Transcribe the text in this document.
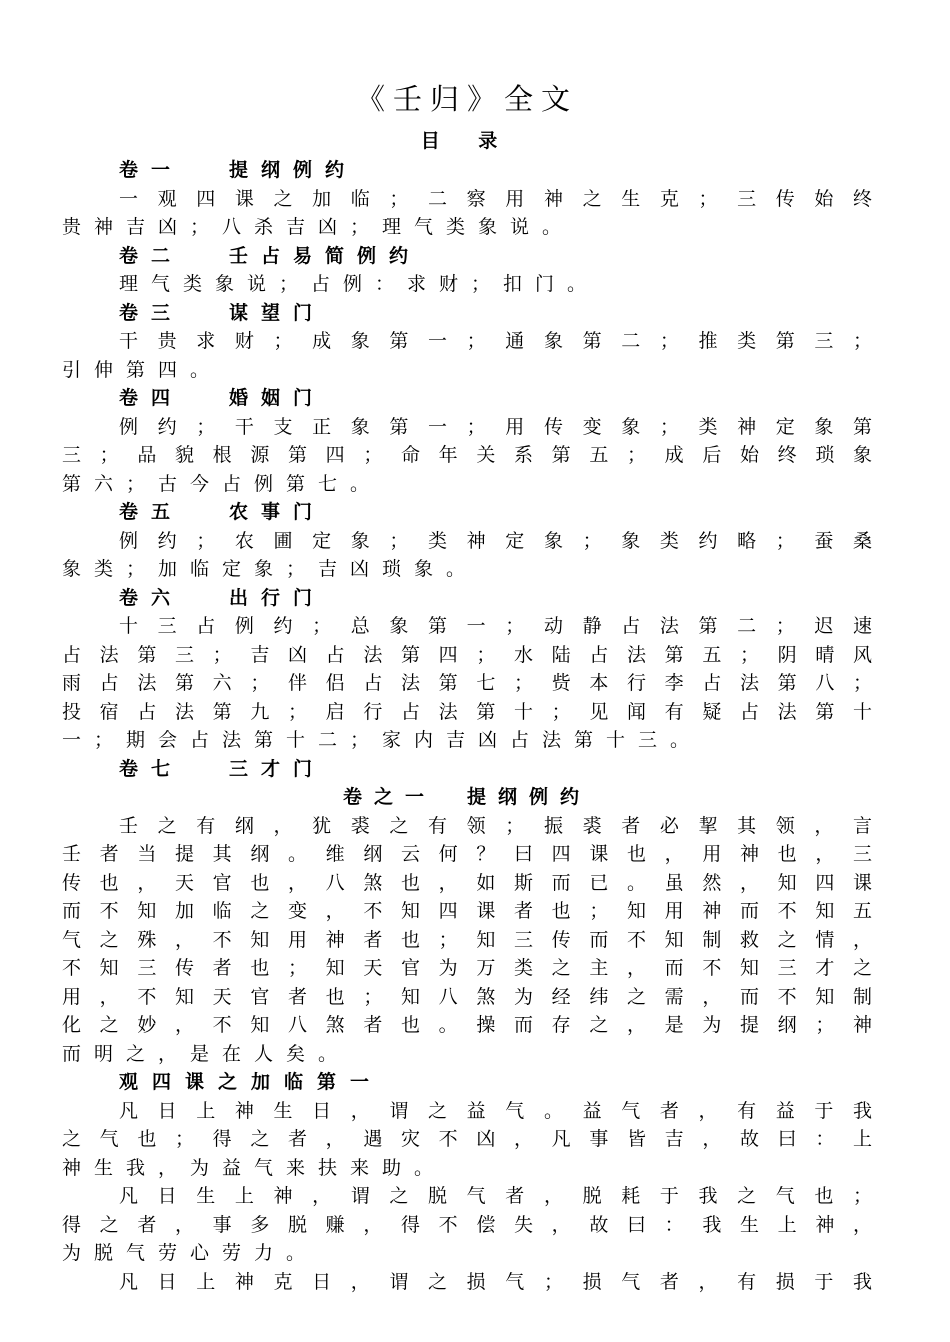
《壬归》全文
目 录
卷一 提纲例约
一观四课之加临；二察用神之生克；三传始终
贵神吉凶；八杀吉凶；理气类象说。
卷二 壬占易简例约
理气类象说；占例：求财；扣门。
卷三 谋望门
干贵求财；成象第一；通象第二；推类第三；
引伸第四。
卷四 婚姻门
例约；干支正象第一；用传变象；类神定象第
三；品貌根源第四；命年关系第五；成后始终琐象
第六；古今占例第七。
卷五 农事门
例约；农圃定象；类神定象；象类约略；蚕桑
象类；加临定象；吉凶琐象。
卷六 出行门
十三占例约；总象第一；动静占法第二；迟速
占法第三；吉凶占法第四；水陆占法第五；阴晴风
雨占法第六；伴侣占法第七；赀本行李占法第八；
投宿占法第九；启行占法第十；见闻有疑占法第十
一；期会占法第十二；家内吉凶占法第十三。
卷七 三才门
卷之一　提纲例约
壬之有纲，犹裘之有领；振裘者必挈其领，言
壬者当提其纲。维纲云何？曰四课也，用神也，三
传也，天官也，八煞也，如斯而已。虽然，知四课
而不知加临之变，不知四课者也；知用神而不知五
气之殊，不知用神者也；知三传而不知制救之情，
不知三传者也；知天官为万类之主，而不知三才之
用，不知天官者也；知八煞为经纬之需，而不知制
化之妙，不知八煞者也。操而存之，是为提纲；神
而明之，是在人矣。
观四课之加临第一
凡日上神生日，谓之益气。益气者，有益于我
之气也；得之者，遇灾不凶，凡事皆吉，故曰：上
神生我，为益气来扶来助。
凡日生上神，谓之脱气者，脱耗于我之气也；
得之者，事多脱赚，得不偿失，故曰：我生上神，
为脱气劳心劳力。
凡日上神克日，谓之损气；损气者，有损于我
